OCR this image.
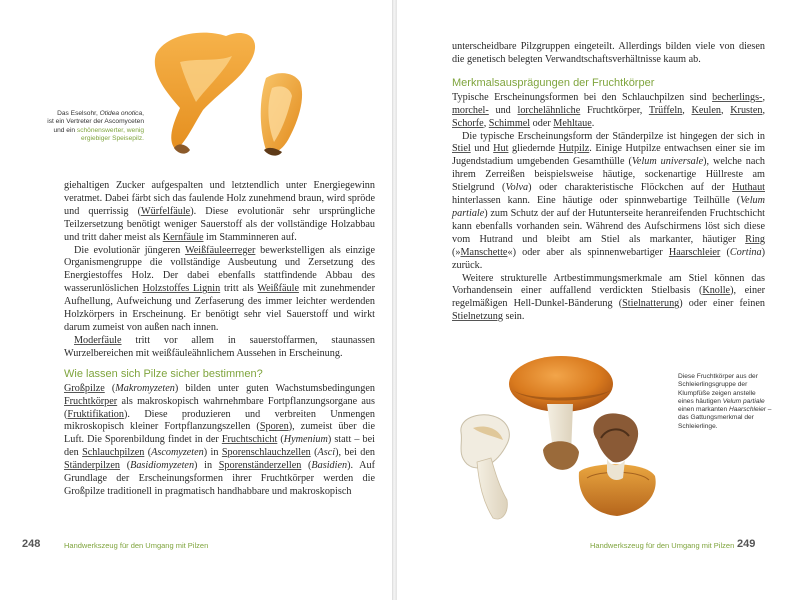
Das Eselsohr, Otidea onotica,
ist ein Vertreter der Ascomyceten
und ein schönenswerter, wenig
ergiebiger Speisepilz.

giehaltigen Zucker aufgespalten und letztendlich unter Energiegewinn veratmet. Dabei färbt sich das faulende Holz zunehmend braun, wird spröde und querrissig (Würfelfäule). Diese evolutionär sehr ursprüngliche Teilzersetzung benötigt weniger Sauerstoff als der vollständige Holzabbau und tritt daher meist als Kernfäule im Stamminneren auf.

Die evolutionär jüngeren Weißfäuleerreger bewerkstelligen als einzige Organismengruppe die vollständige Ausbeutung und Zersetzung des Energiestoffes Holz. Der dabei ebenfalls stattfindende Abbau des wasserunlöslichen Holzstoffes Lignin tritt als Weißfäule mit zunehmender Aufhellung, Aufweichung und Zerfaserung des immer leichter werdenden Holzkörpers in Erscheinung. Er benötigt sehr viel Sauerstoff und wirkt darum zumeist von außen nach innen.

Moderfäule tritt vor allem in sauerstoffarmen, staunassen Wurzelbereichen mit weißfäuleähnlichem Aussehen in Erscheinung.

Wie lassen sich Pilze sicher bestimmen?

Großpilze (Makromyzeten) bilden unter guten Wachstumsbedingungen Fruchtkörper als makroskopisch wahrnehmbare Fortpflanzungsorgane aus (Fruktifikation). Diese produzieren und verbreiten Unmengen mikroskopisch kleiner Fortpflanzungszellen (Sporen), zumeist über die Luft. Die Sporenbildung findet in der Fruchtschicht (Hymenium) statt – bei den Schlauchpilzen (Ascomyzeten) in Sporenschlauchzellen (Asci), bei den Ständerpilzen (Basidiomyzeten) in Sporenständerzellen (Basidien). Auf Grundlage der Erscheinungsformen ihrer Fruchtkörper werden die Großpilze traditionell in pragmatisch handhabbare und makroskopisch

248	Handwerkszeug für den Umgang mit Pilzen

unterscheidbare Pilzgruppen eingeteilt. Allerdings bilden viele von diesen die genetisch belegten Verwandtschaftsverhältnisse kaum ab.

Merkmalsausprägungen der Fruchtkörper

Typische Erscheinungsformen bei den Schlauchpilzen sind becherlings-, morchel- und lorchelähnliche Fruchtkörper, Trüffeln, Keulen, Krusten, Schorfe, Schimmel oder Mehltaue.

Die typische Erscheinungsform der Ständerpilze ist hingegen der sich in Stiel und Hut gliedernde Hutpilz. Einige Hutpilze entwachsen einer sie im Jugendstadium umgebenden Gesamthülle (Velum universale), welche nach ihrem Zerreißen beispielsweise häutige, sockenartige Hüllreste am Stielgrund (Volva) oder charakteristische Flöckchen auf der Huthaut hinterlassen kann. Eine häutige oder spinnwebartige Teilhülle (Velum partiale) zum Schutz der auf der Hutunterseite heranreifenden Fruchtschicht kann ebenfalls vorhanden sein. Während des Aufschirmens löst sich diese vom Hutrand und bleibt am Stiel als markanter, häutiger Ring (»Manschette«) oder aber als spinnenwebartiger Haarschleier (Cortina) zurück.

Weitere strukturelle Artbestimmungsmerkmale am Stiel können das Vorhandensein einer auffallend verdickten Stielbasis (Knolle), einer regelmäßigen Hell-Dunkel-Bänderung (Stielnatterung) oder einer feinen Stielnetzung sein.

Diese Fruchtkörper aus der
Schleierlingsgruppe der
Klumpfüße zeigen anstelle
eines häutigen Velum partiale
einen markanten Haarschleier –
das Gattungsmerkmal der
Schleierlinge.
Handwerkszeug für den Umgang mit Pilzen 249
